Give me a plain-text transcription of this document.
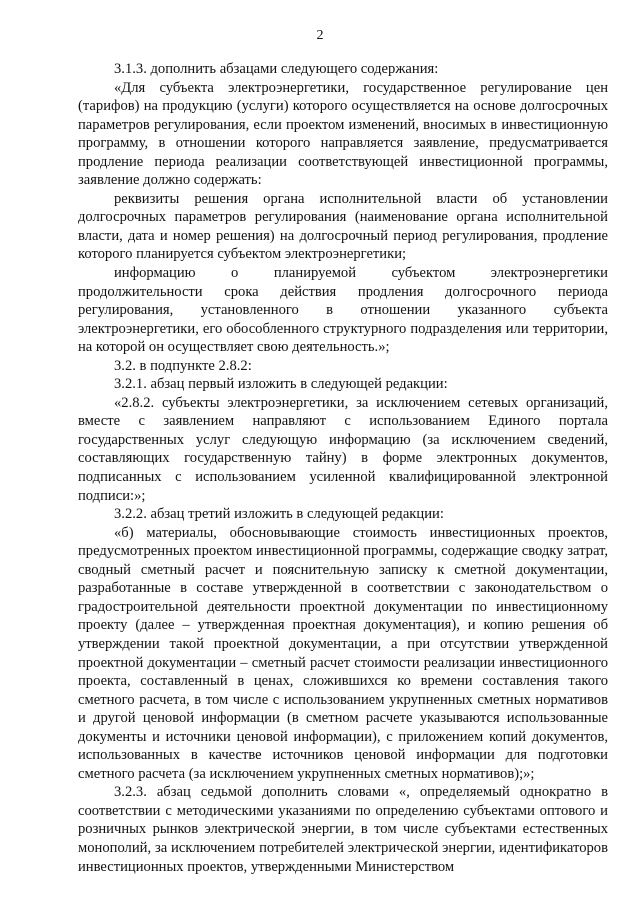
2

3.1.3. дополнить абзацами следующего содержания:

«Для субъекта электроэнергетики, государственное регулирование цен (тарифов) на продукцию (услуги) которого осуществляется на основе долгосрочных параметров регулирования, если проектом изменений, вносимых в инвестиционную программу, в отношении которого направляется заявление, предусматривается продление периода реализации соответствующей инвестиционной программы, заявление должно содержать:

реквизиты решения органа исполнительной власти об установлении долгосрочных параметров регулирования (наименование органа исполнительной власти, дата и номер решения) на долгосрочный период регулирования, продление которого планируется субъектом электроэнергетики;

информацию о планируемой субъектом электроэнергетики продолжительности срока действия продления долгосрочного периода регулирования, установленного в отношении указанного субъекта электроэнергетики, его обособленного структурного подразделения или территории, на которой он осуществляет свою деятельность.»;

3.2. в подпункте 2.8.2:

3.2.1. абзац первый изложить в следующей редакции:

«2.8.2. субъекты электроэнергетики, за исключением сетевых организаций, вместе с заявлением направляют с использованием Единого портала государственных услуг следующую информацию (за исключением сведений, составляющих государственную тайну) в форме электронных документов, подписанных с использованием усиленной квалифицированной электронной подписи:»;

3.2.2. абзац третий изложить в следующей редакции:

«б) материалы, обосновывающие стоимость инвестиционных проектов, предусмотренных проектом инвестиционной программы, содержащие сводку затрат, сводный сметный расчет и пояснительную записку к сметной документации, разработанные в составе утвержденной в соответствии с законодательством о градостроительной деятельности проектной документации по инвестиционному проекту (далее – утвержденная проектная документация), и копию решения об утверждении такой проектной документации, а при отсутствии утвержденной проектной документации – сметный расчет стоимости реализации инвестиционного проекта, составленный в ценах, сложившихся ко времени составления такого сметного расчета, в том числе с использованием укрупненных сметных нормативов и другой ценовой информации (в сметном расчете указываются использованные документы и источники ценовой информации), с приложением копий документов, использованных в качестве источников ценовой информации для подготовки сметного расчета (за исключением укрупненных сметных нормативов);»;

3.2.3. абзац седьмой дополнить словами «, определяемый однократно в соответствии с методическими указаниями по определению субъектами оптового и розничных рынков электрической энергии, в том числе субъектами естественных монополий, за исключением потребителей электрической энергии, идентификаторов инвестиционных проектов, утвержденными Министерством
